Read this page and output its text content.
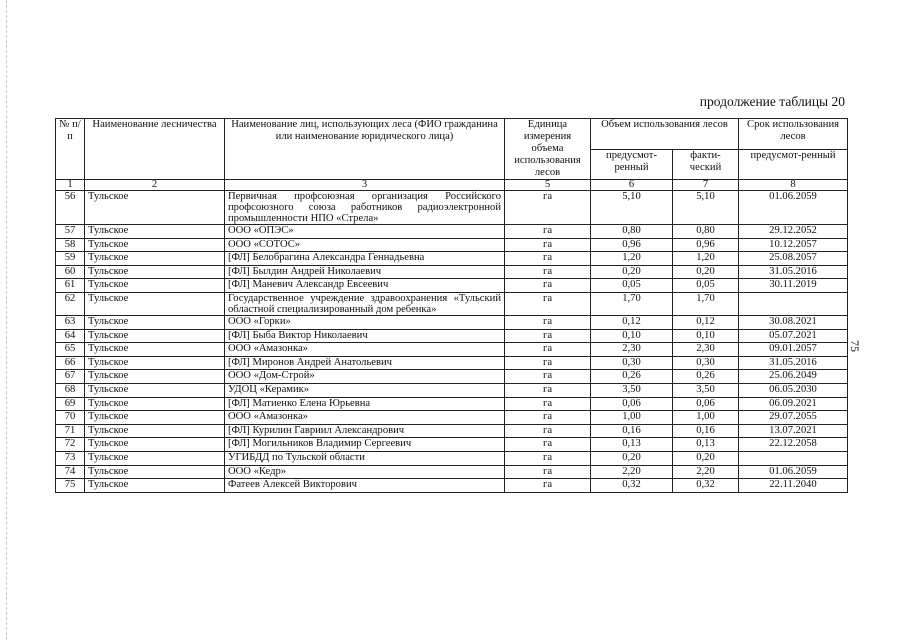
продолжение таблицы 20
75
№ п/п	Наименование лесничества	Наименование лиц, использующих леса (ФИО гражданина или наименование юридического лица)	Единица измерения объема использования лесов	Объем использования лесов		Срок использования лесов
				предусмот-ренный	факти-ческий	предусмот-ренный
1	2	3	5	6	7	8
56	Тульское	Первичная профсоюзная организация Российского профсоюзного союза работников радиоэлектронной промышленности НПО «Стрела»	га	5,10	5,10	01.06.2059
57	Тульское	ООО «ОПЭС»	га	0,80	0,80	29.12.2052
58	Тульское	ООО «СОТОС»	га	0,96	0,96	10.12.2057
59	Тульское	[ФЛ] Белобрагина Александра Геннадьевна	га	1,20	1,20	25.08.2057
60	Тульское	[ФЛ] Былдин Андрей Николаевич	га	0,20	0,20	31.05.2016
61	Тульское	[ФЛ] Маневич Александр Евсеевич	га	0,05	0,05	30.11.2019
62	Тульское	Государственное учреждение здравоохранения «Тульский областной специализированный дом ребенка»	га	1,70	1,70	
63	Тульское	ООО «Горки»	га	0,12	0,12	30.08.2021
64	Тульское	[ФЛ] Быба Виктор Николаевич	га	0,10	0,10	05.07.2021
65	Тульское	ООО «Амазонка»	га	2,30	2,30	09.01.2057
66	Тульское	[ФЛ] Миронов Андрей Анатольевич	га	0,30	0,30	31.05.2016
67	Тульское	ООО «Дом-Строй»	га	0,26	0,26	25.06.2049
68	Тульское	УДОЦ «Керамик»	га	3,50	3,50	06.05.2030
69	Тульское	[ФЛ] Матиенко Елена Юрьевна	га	0,06	0,06	06.09.2021
70	Тульское	ООО «Амазонка»	га	1,00	1,00	29.07.2055
71	Тульское	[ФЛ] Курилин Гавриил Александрович	га	0,16	0,16	13.07.2021
72	Тульское	[ФЛ] Могильников Владимир Сергеевич	га	0,13	0,13	22.12.2058
73	Тульское	УГИБДД по Тульской области	га	0,20	0,20	
74	Тульское	ООО «Кедр»	га	2,20	2,20	01.06.2059
75	Тульское	Фатеев Алексей Викторович	га	0,32	0,32	22.11.2040
